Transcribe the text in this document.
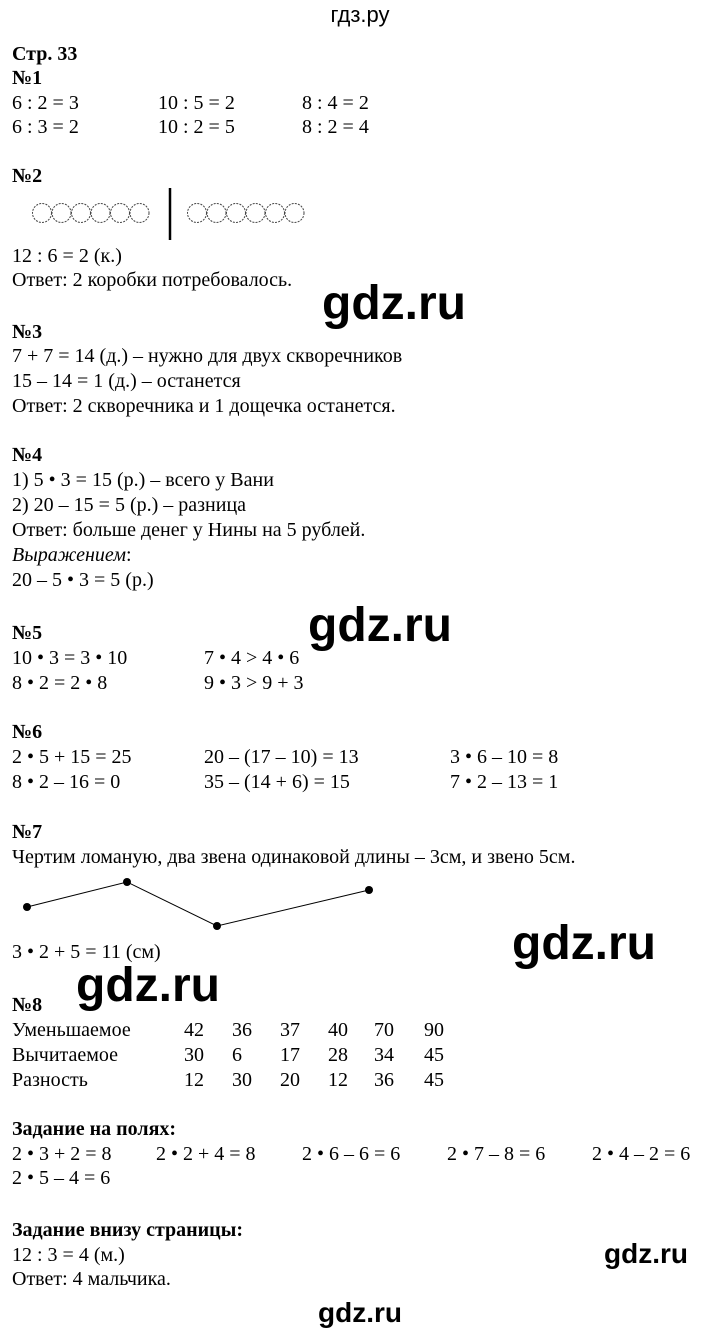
гдз.ру
Стр. 33
№1
6 : 2 = 3	10 : 5 = 2	8 : 4 = 2
6 : 3 = 2	10 : 2 = 5	8 : 2 = 4
№2
12 : 6 = 2 (к.)
Ответ: 2 коробки потребовалось. gdz.ru
№3
7 + 7 = 14 (д.) – нужно для двух скворечников
15 – 14 = 1 (д.) – останется
Ответ: 2 скворечника и 1 дощечка останется.
№4
1) 5 • 3 = 15 (р.) – всего у Вани
2) 20 – 15 = 5 (р.) – разница
Ответ: больше денег у Нины на 5 рублей.
Выражением:
20 – 5 • 3 = 5 (р.)
gdz.ru
№5
10 • 3 = 3 • 10	7 • 4 > 4 • 6
8 • 2 = 2 • 8	9 • 3 > 9 + 3
№6
2 • 5 + 15 = 25	20 – (17 – 10) = 13	3 • 6 – 10 = 8
8 • 2 – 16 = 0	35 – (14 + 6) = 15	7 • 2 – 13 = 1
№7
Чертим ломаную, два звена одинаковой длины – 3см, и звено 5см.
3 • 2 + 5 = 11 (см)	gdz.ru
№8 gdz.ru
Уменьшаемое	42 36 37 40 70 90
Вычитаемое	30 6 17 28 34 45
Разность	12 30 20 12 36 45
Задание на полях:
2 • 3 + 2 = 8 2 • 2 + 4 = 8 2 • 6 – 6 = 6 2 • 7 – 8 = 6 2 • 4 – 2 = 6
2 • 5 – 4 = 6
Задание внизу страницы:
12 : 3 = 4 (м.)
Ответ: 4 мальчика.
gdz.ru
gdz.ru
